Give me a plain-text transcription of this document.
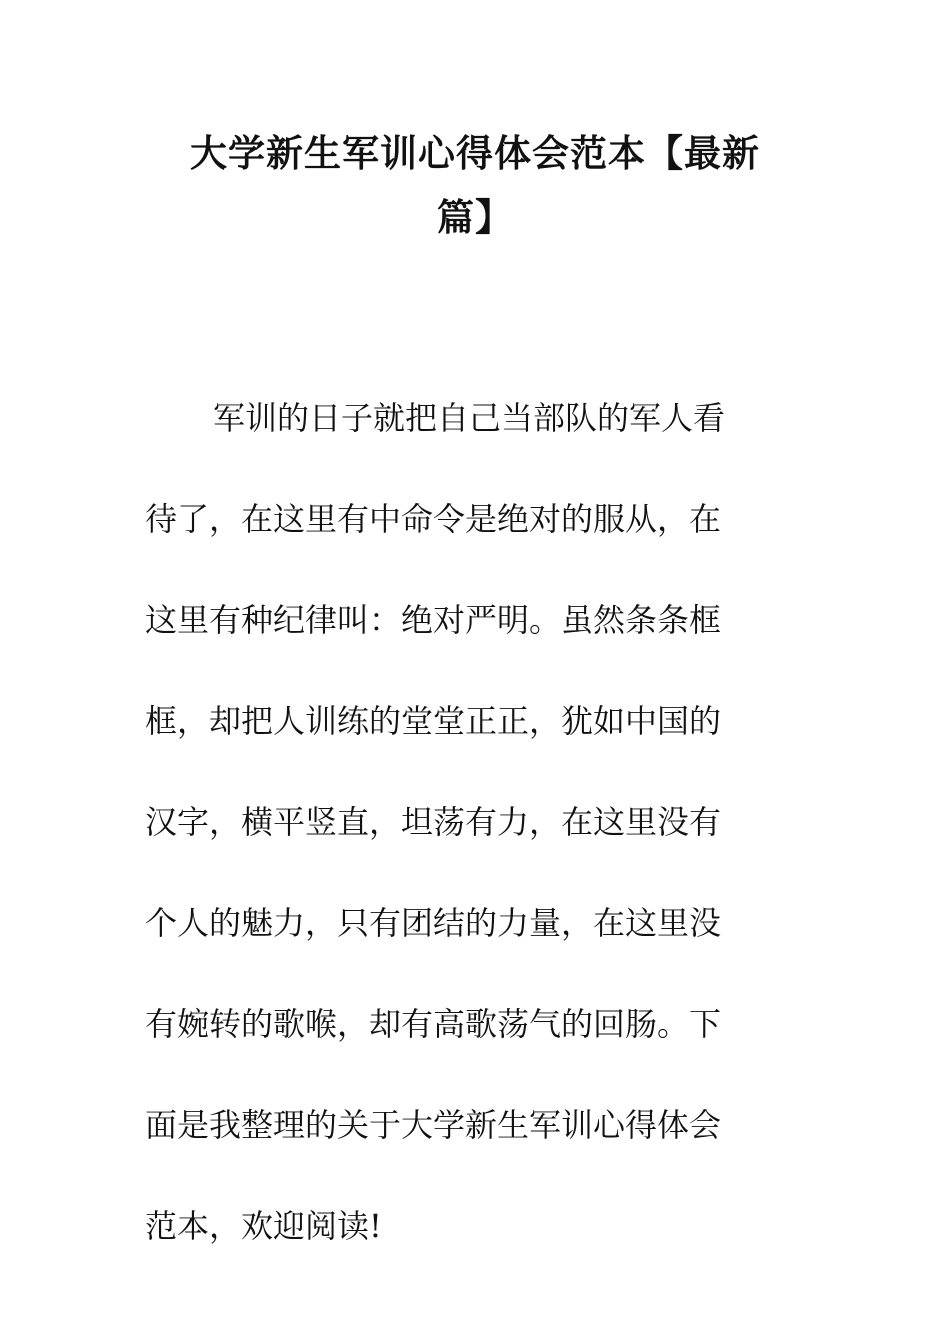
大学新生军训心得体会范本【最新
篇】

军训的日子就把自己当部队的军人看
待了，在这里有中命令是绝对的服从，在
这里有种纪律叫：绝对严明。虽然条条框
框，却把人训练的堂堂正正，犹如中国的
汉字，横平竖直，坦荡有力，在这里没有
个人的魅力，只有团结的力量，在这里没
有婉转的歌喉，却有高歌荡气的回肠。下
面是我整理的关于大学新生军训心得体会
范本，欢迎阅读!
